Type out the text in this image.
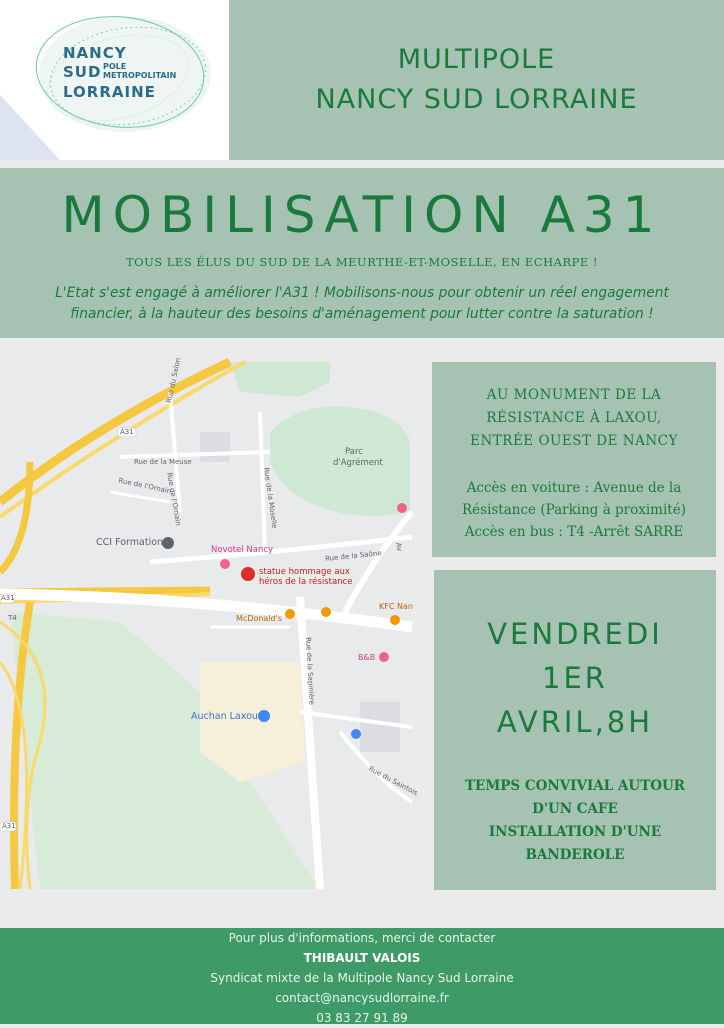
NANCY
SUD POLE
METROPOLITAIN
LORRAINE
MULTIPOLE
NANCY SUD LORRAINE
MOBILISATION A31
TOUS LES ÉLUS DU SUD DE LA MEURTHE-ET-MOSELLE, EN ECHARPE !
L'Etat s'est engagé à améliorer l'A31 ! Mobilisons-nous pour obtenir un réel engagement
financier, à la hauteur des besoins d'aménagement pour lutter contre la saturation !
A31
A31
T4
A31
Rue du Salon
Rue de la Meuse
Rue de l'Ornain
Rue de l'Ornain	Rue de la Moselle
Rue de la Saône
Rue de la Sapinière
Rue du Saintois
Parc
d'Agrément
CCI Formation
Novotel Nancy
statue hommage aux
héros de la résistance
McDonald's
KFC Nan
B&B
Auchan Laxou
Av
AU MONUMENT DE LA
RÉSISTANCE À LAXOU,
ENTRÉE OUEST DE NANCY
Accès en voiture : Avenue de la
Résistance (Parking à proximité)
Accès en bus : T4 -Arrêt SARRE
VENDREDI
1ER
AVRIL,8H
TEMPS CONVIVIAL AUTOUR
D'UN CAFE
INSTALLATION D'UNE
BANDEROLE
Pour plus d'informations, merci de contacter
THIBAULT VALOIS
Syndicat mixte de la Multipole Nancy Sud Lorraine
contact@nancysudlorraine.fr
03 83 27 91 89
